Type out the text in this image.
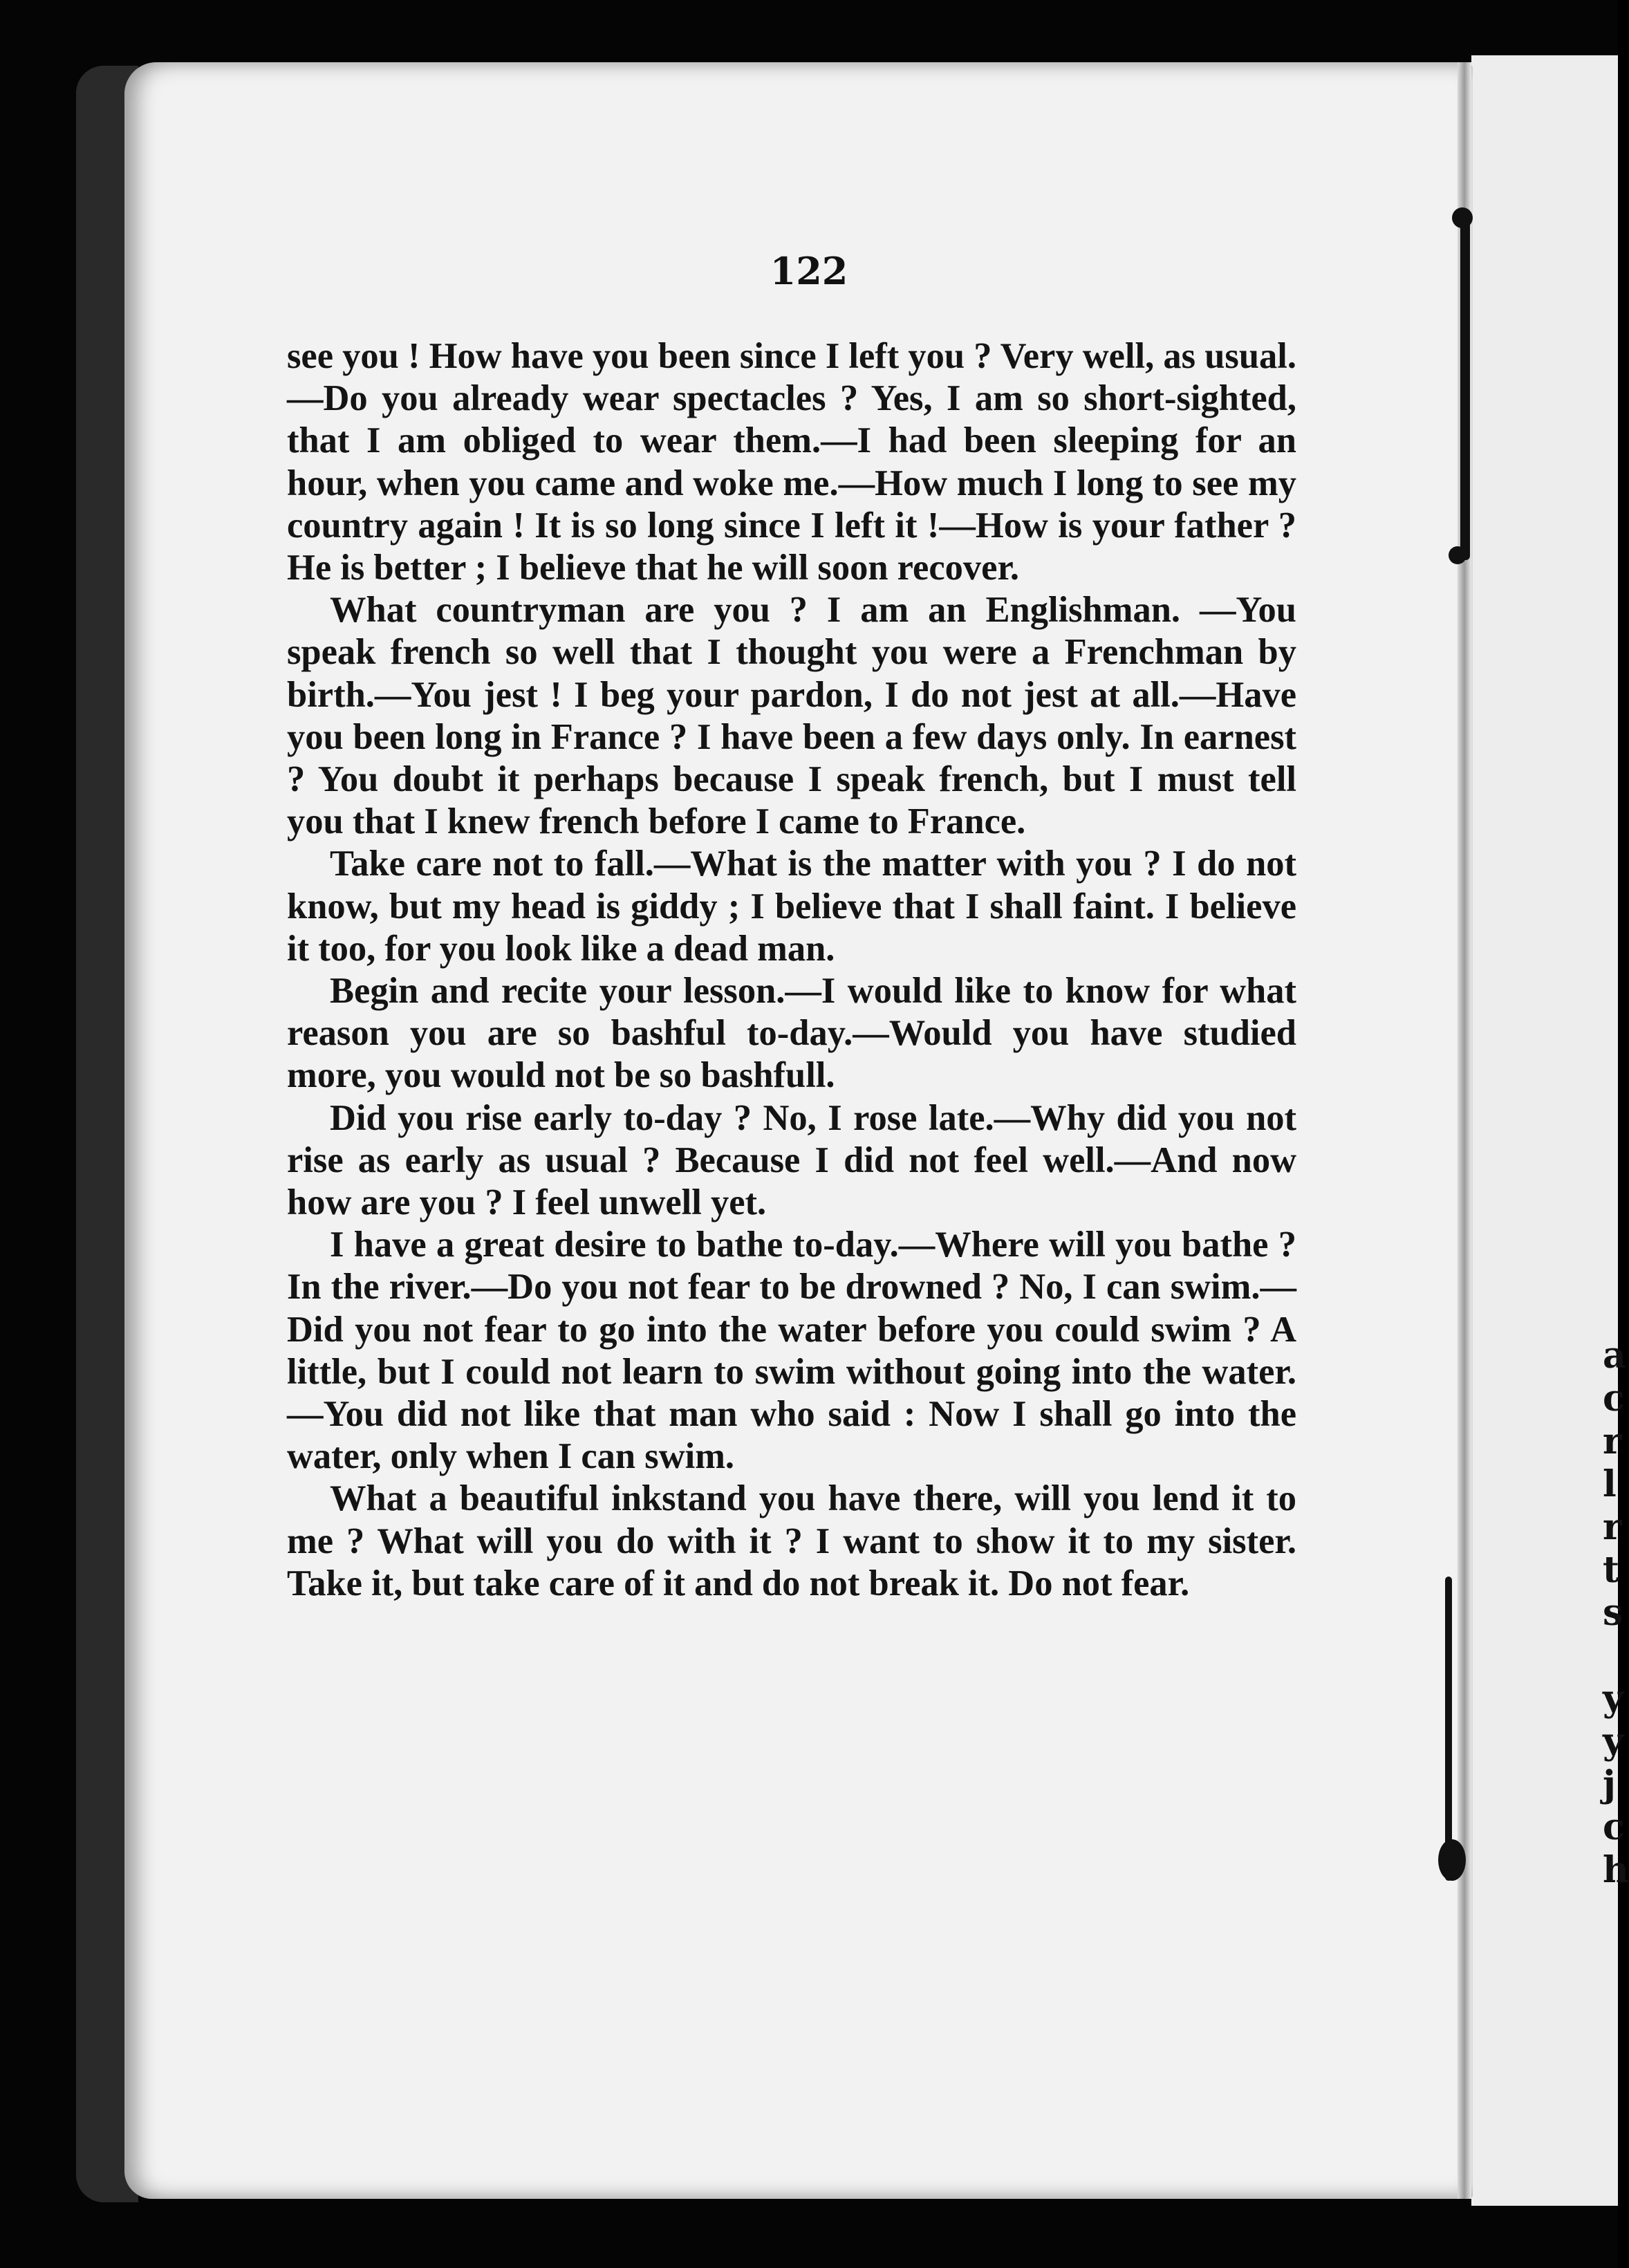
a
c
r
l
r
t
s

y
y
j
c
h
122

see you ! How have you been since I left you ? Very well, as usual.—Do you already wear spectacles ? Yes, I am so short-sighted, that I am obliged to wear them.—I had been sleeping for an hour, when you came and woke me.—How much I long to see my country again ! It is so long since I left it !—How is your father ? He is better ; I believe that he will soon recover.

What countryman are you ? I am an Englishman. —You speak french so well that I thought you were a Frenchman by birth.—You jest ! I beg your pardon, I do not jest at all.—Have you been long in France ? I have been a few days only. In earnest ? You doubt it perhaps because I speak french, but I must tell you that I knew french before I came to France.

Take care not to fall.—What is the matter with you ? I do not know, but my head is giddy ; I believe that I shall faint. I believe it too, for you look like a dead man.

Begin and recite your lesson.—I would like to know for what reason you are so bashful to-day.—Would you have studied more, you would not be so bashfull.

Did you rise early to-day ? No, I rose late.—Why did you not rise as early as usual ? Because I did not feel well.—And now how are you ? I feel unwell yet.

I have a great desire to bathe to-day.—Where will you bathe ? In the river.—Do you not fear to be drowned ? No, I can swim.—Did you not fear to go into the water before you could swim ? A little, but I could not learn to swim without going into the water. —You did not like that man who said : Now I shall go into the water, only when I can swim.

What a beautiful inkstand you have there, will you lend it to me ? What will you do with it ? I want to show it to my sister. Take it, but take care of it and do not break it. Do not fear.
